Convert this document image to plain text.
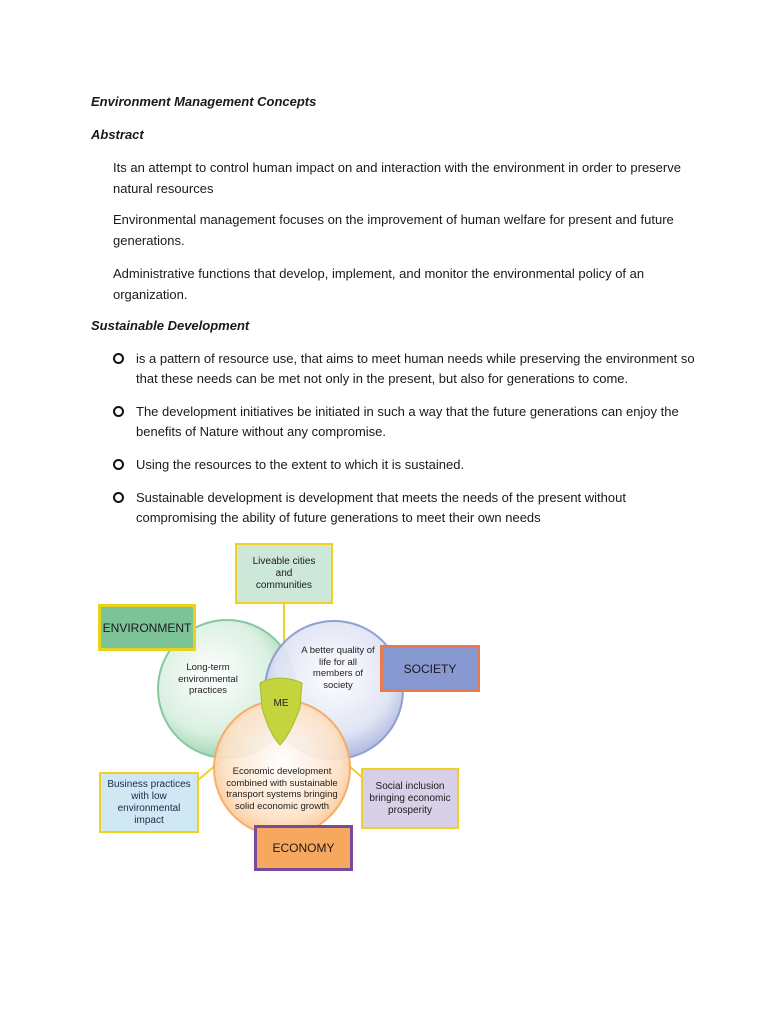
Environment Management Concepts
Abstract
Its an attempt to control human impact on and interaction with the environment in order to preserve natural resources
Environmental management focuses on the improvement of human welfare for present and future generations.
Administrative functions that develop, implement, and monitor the environmental policy of an organization.
Sustainable Development
is a pattern of resource use, that aims to meet human needs while preserving the environment so that these needs can be met not only in the present, but also for generations to come.
The development initiatives be initiated in such a way that the future generations can enjoy the benefits of Nature without any compromise.
Using the resources to the extent to which it is sustained.
Sustainable development is development that meets the needs of the present without compromising the ability of future generations to meet their own needs
Long-term environmental practices
A better quality of life for all members of society
Economic development combined with sustainable transport systems bringing solid economic growth
ME
ENVIRONMENT
SOCIETY
ECONOMY
Liveable cities and communities
Business practices with low environmental impact
Social inclusion bringing economic prosperity
